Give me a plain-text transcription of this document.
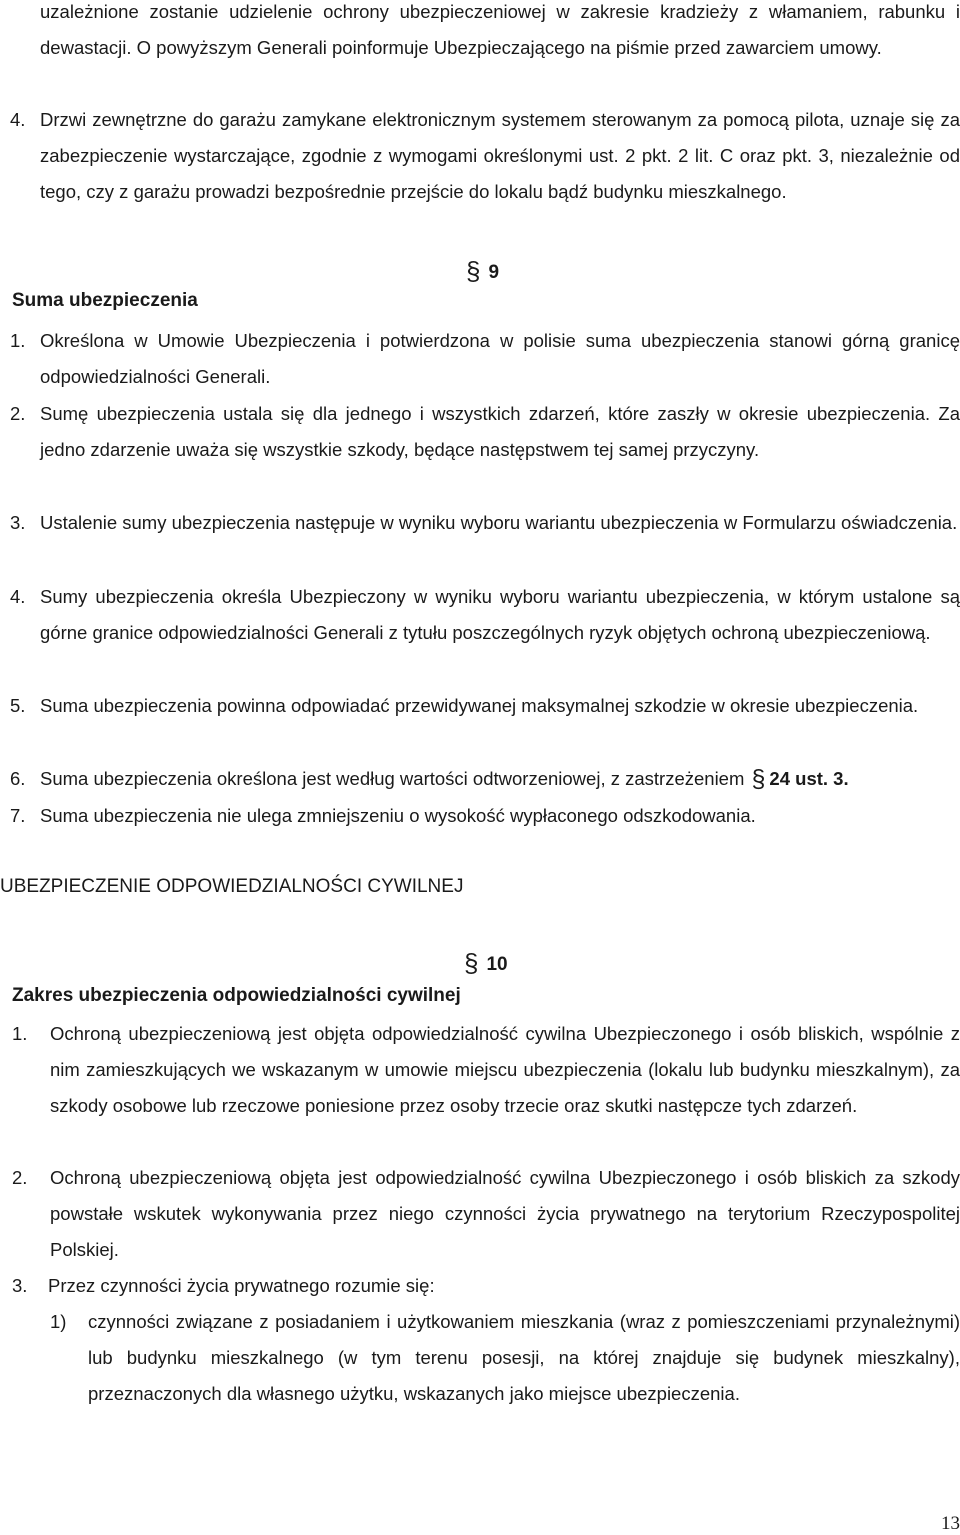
uzależnione zostanie udzielenie ochrony ubezpieczeniowej w zakresie kradzieży z włamaniem, rabunku i dewastacji. O powyższym Generali poinformuje Ubezpieczającego na piśmie przed zawarciem umowy.
4. Drzwi zewnętrzne do garażu zamykane elektronicznym systemem sterowanym za pomocą pilota, uznaje się za zabezpieczenie wystarczające, zgodnie z wymogami określonymi ust. 2 pkt. 2 lit. C oraz pkt. 3, niezależnie od tego, czy z garażu prowadzi bezpośrednie przejście do lokalu bądź budynku mieszkalnego.
§ 9
Suma ubezpieczenia
1. Określona w Umowie Ubezpieczenia i potwierdzona w polisie suma ubezpieczenia stanowi górną granicę odpowiedzialności Generali.
2. Sumę ubezpieczenia ustala się dla jednego i wszystkich zdarzeń, które zaszły w okresie ubezpieczenia. Za jedno zdarzenie uważa się wszystkie szkody, będące następstwem tej samej przyczyny.
3. Ustalenie sumy ubezpieczenia następuje w wyniku wyboru wariantu ubezpieczenia w Formularzu oświadczenia.
4. Sumy ubezpieczenia określa Ubezpieczony w wyniku wyboru wariantu ubezpieczenia, w którym ustalone są górne granice odpowiedzialności Generali z tytułu poszczególnych ryzyk objętych ochroną ubezpieczeniową.
5. Suma ubezpieczenia powinna odpowiadać przewidywanej maksymalnej szkodzie w okresie ubezpieczenia.
6. Suma ubezpieczenia określona jest według wartości odtworzeniowej, z zastrzeżeniem § 24 ust. 3.
7. Suma ubezpieczenia nie ulega zmniejszeniu o wysokość wypłaconego odszkodowania.
UBEZPIECZENIE ODPOWIEDZIALNOŚCI CYWILNEJ
§ 10
Zakres ubezpieczenia odpowiedzialności cywilnej
1. Ochroną ubezpieczeniową jest objęta odpowiedzialność cywilna Ubezpieczonego i osób bliskich, wspólnie z nim zamieszkujących we wskazanym w umowie miejscu ubezpieczenia (lokalu lub budynku mieszkalnym), za szkody osobowe lub rzeczowe poniesione przez osoby trzecie oraz skutki następcze tych zdarzeń.
2. Ochroną ubezpieczeniową objęta jest odpowiedzialność cywilna Ubezpieczonego i osób bliskich za szkody powstałe wskutek wykonywania przez niego czynności życia prywatnego na terytorium Rzeczypospolitej Polskiej.
3. Przez czynności życia prywatnego rozumie się:
1) czynności związane z posiadaniem i użytkowaniem mieszkania (wraz z pomieszczeniami przynależnymi) lub budynku mieszkalnego (w tym terenu posesji, na której znajduje się budynek mieszkalny), przeznaczonych dla własnego użytku, wskazanych jako miejsce ubezpieczenia.
13
